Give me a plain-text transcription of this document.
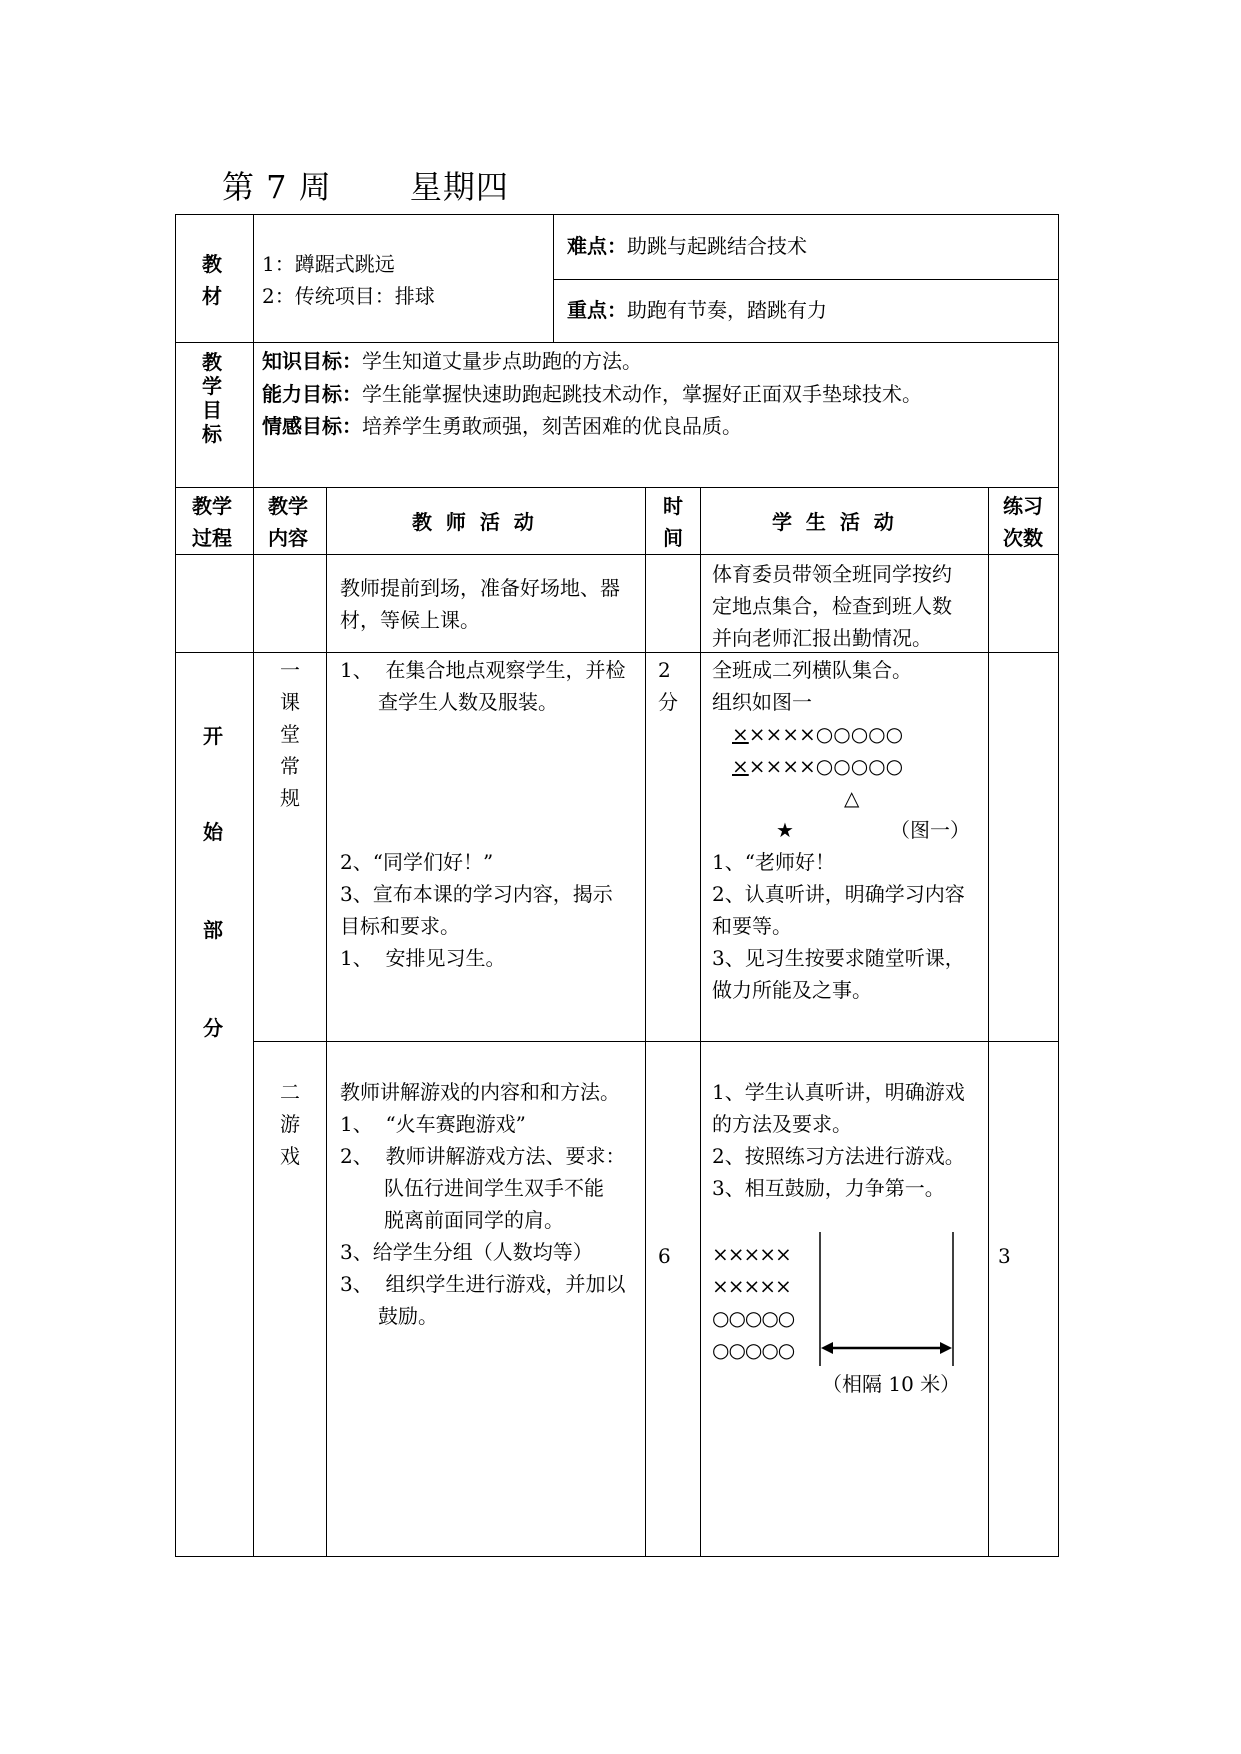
第 7 周       星期四
教
材
1：蹲踞式跳远
2：传统项目：排球
难点：助跳与起跳结合技术
重点：助跑有节奏，踏跳有力
教
学
目
标
知识目标：学生知道丈量步点助跑的方法。
能力目标：学生能掌握快速助跑起跳技术动作，掌握好正面双手垫球技术。
情感目标：培养学生勇敢顽强，刻苦困难的优良品质。
教学
过程
教学
内容
教  师  活  动
时
间
学  生  活  动
练习
次数
教师提前到场，准备好场地、器
材，等候上课。
体育委员带领全班同学按约
定地点集合，检查到班人数
并向老师汇报出勤情况。
开
始
部
分
一
课
堂
常
规
1、  在集合地点观察学生，并检
查学生人数及服装。
2、“同学们好！”
3、宣布本课的学习内容，揭示
目标和要求。
1、  安排见习生。
2
分
全班成二列横队集合。
组织如图一
×××××○○○○○
×××××○○○○○
△
★	（图一）
1、“老师好！
2、认真听讲，明确学习内容
和要等。
3、见习生按要求随堂听课，
做力所能及之事。
二
游
戏
教师讲解游戏的内容和和方法。
1、  “火车赛跑游戏”
2、  教师讲解游戏方法、要求：
队伍行进间学生双手不能
脱离前面同学的肩。
3、给学生分组（人数均等）
3、  组织学生进行游戏，并加以
鼓励。
6
1、学生认真听讲，明确游戏
的方法及要求。
2、按照练习方法进行游戏。
3、相互鼓励，力争第一。
×××××
×××××
○○○○○
○○○○○
（相隔 10 米）
3
